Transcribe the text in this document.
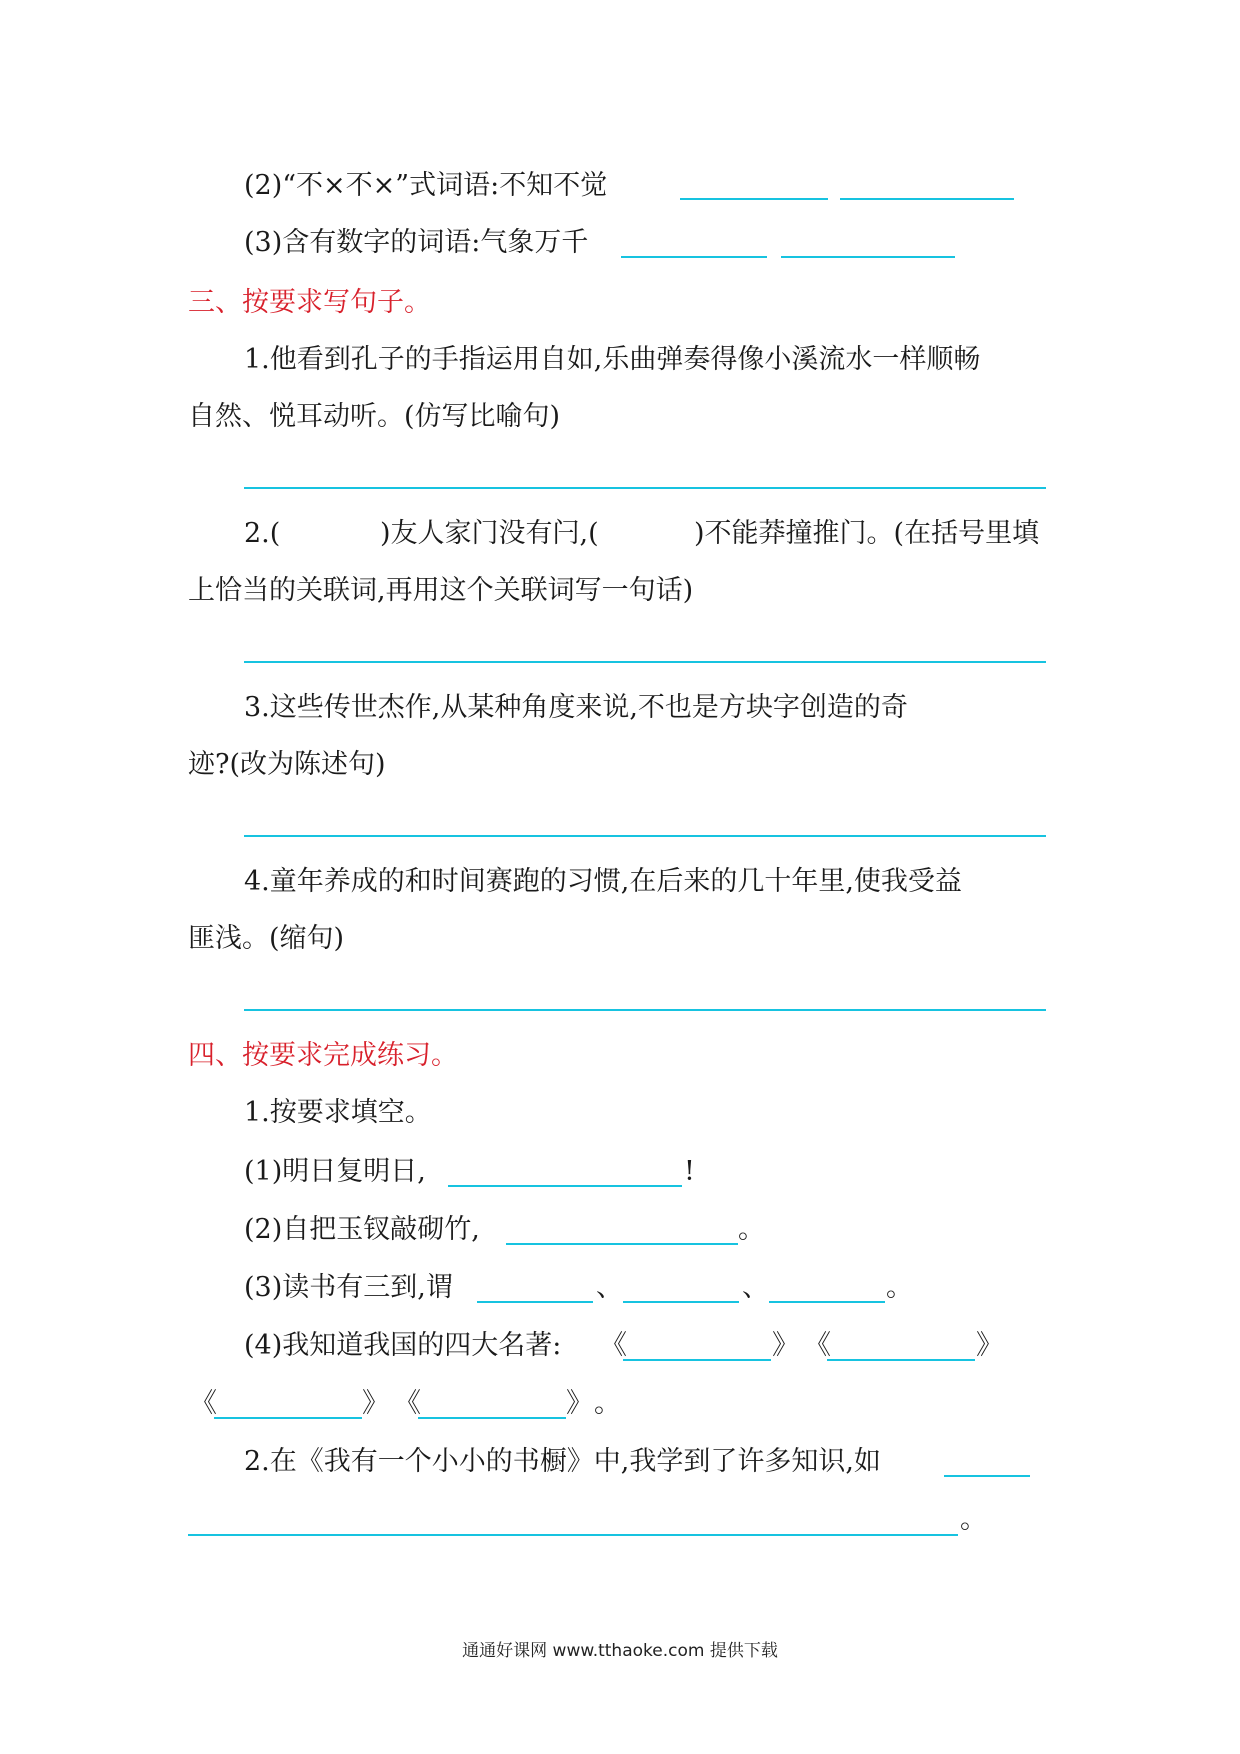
(2)“不×不×”式词语:不知不觉
(3)含有数字的词语:气象万千
三、按要求写句子。
1.他看到孔子的手指运用自如,乐曲弹奏得像小溪流水一样顺畅
自然、悦耳动听。(仿写比喻句)
2.(	)友人家门没有闩,(	)不能莽撞推门。(在括号里填
上恰当的关联词,再用这个关联词写一句话)
3.这些传世杰作,从某种角度来说,不也是方块字创造的奇
迹?(改为陈述句)
4.童年养成的和时间赛跑的习惯,在后来的几十年里,使我受益
匪浅。(缩句)
四、按要求完成练习。
1.按要求填空。
(1)明日复明日,	!
(2)自把玉钗敲砌竹,	。
(3)读书有三到,谓	、	、	。
(4)我知道我国的四大名著: 《	》 《	》
《	》 《	》 。
2.在《我有一个小小的书橱》中,我学到了许多知识,如
。
通通好课网 www.tthaoke.com 提供下载
